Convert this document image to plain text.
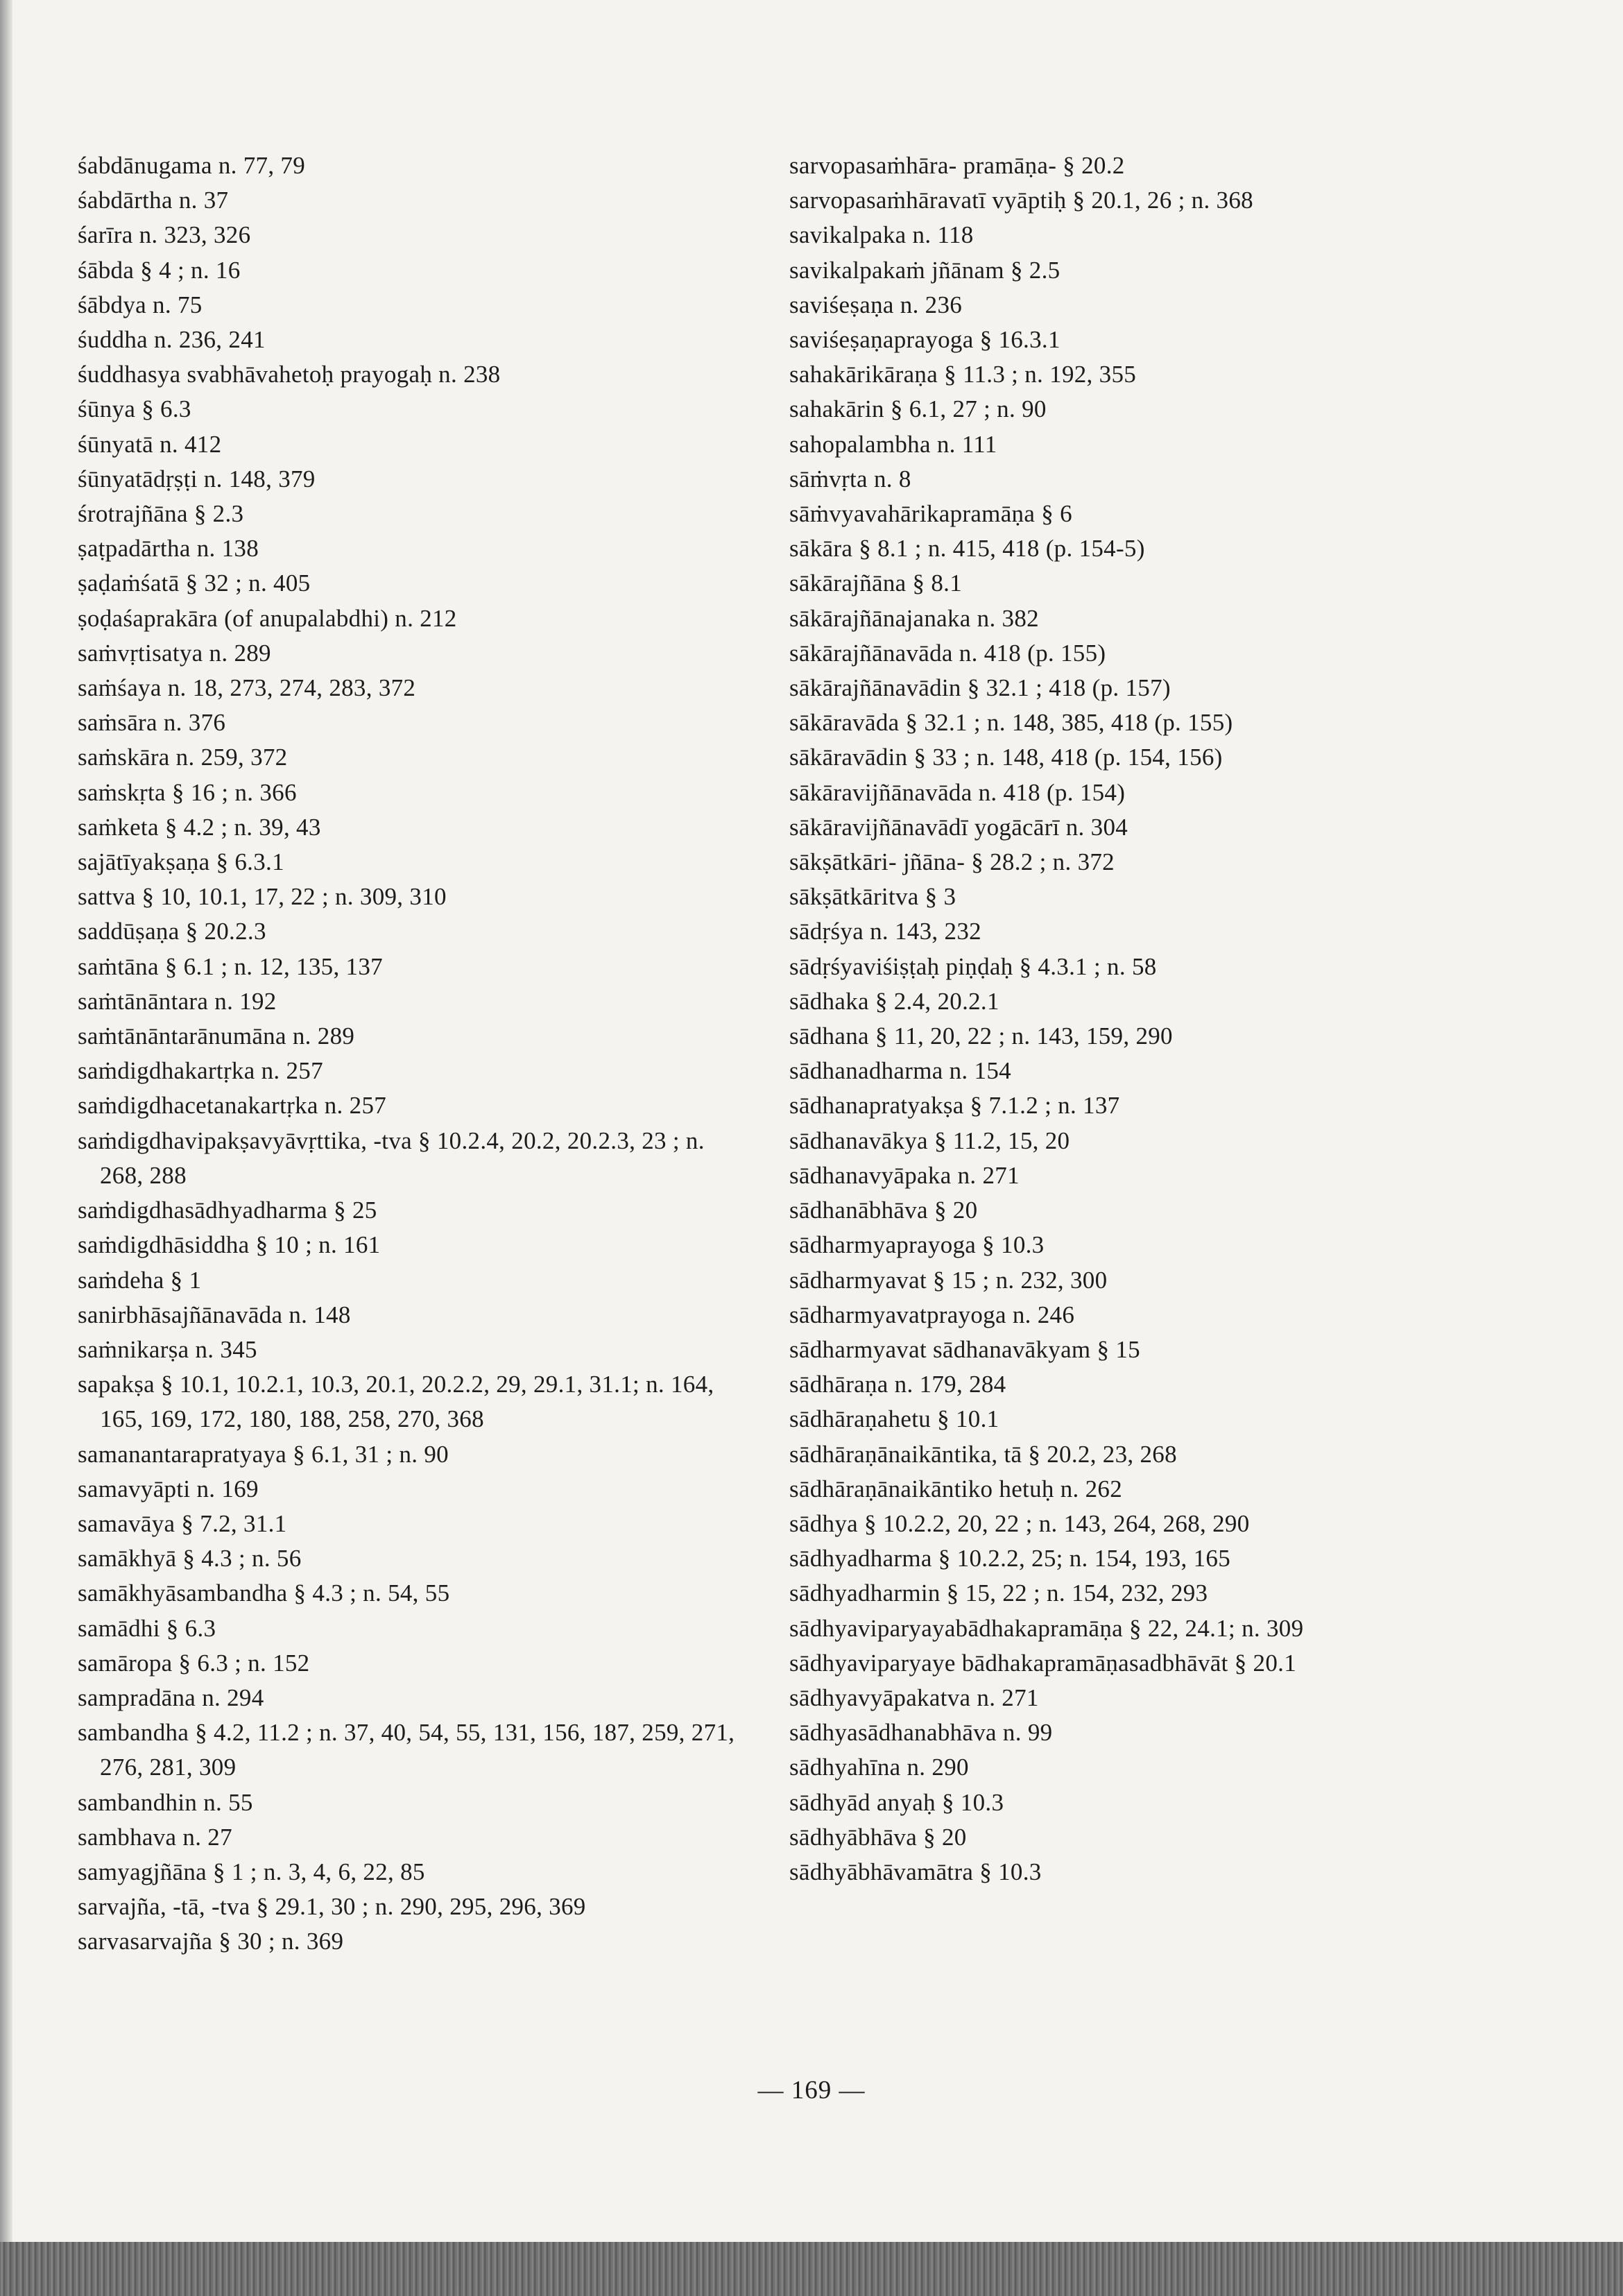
śabdānugama n. 77, 79
śabdārtha n. 37
śarīra n. 323, 326
śābda § 4 ; n. 16
śābdya n. 75
śuddha n. 236, 241
śuddhasya svabhāvahetoḥ prayogaḥ n. 238
śūnya § 6.3
śūnyatā n. 412
śūnyatādṛṣṭi n. 148, 379
śrotrajñāna § 2.3
ṣaṭpadārtha n. 138
ṣaḍaṁśatā § 32 ; n. 405
ṣoḍaśaprakāra (of anupalabdhi) n. 212
saṁvṛtisatya n. 289
saṁśaya n. 18, 273, 274, 283, 372
saṁsāra n. 376
saṁskāra n. 259, 372
saṁskṛta § 16 ; n. 366
saṁketa § 4.2 ; n. 39, 43
sajātīyakṣaṇa § 6.3.1
sattva § 10, 10.1, 17, 22 ; n. 309, 310
saddūṣaṇa § 20.2.3
saṁtāna § 6.1 ; n. 12, 135, 137
saṁtānāntara n. 192
saṁtānāntarānumāna n. 289
saṁdigdhakartṛka n. 257
saṁdigdhacetanakartṛka n. 257
saṁdigdhavipakṣavyāvṛttika, -tva § 10.2.4, 20.2, 20.2.3, 23 ; n. 268, 288
saṁdigdhasādhyadharma § 25
saṁdigdhāsiddha § 10 ; n. 161
saṁdeha § 1
sanirbhāsajñānavāda n. 148
saṁnikarṣa n. 345
sapakṣa § 10.1, 10.2.1, 10.3, 20.1, 20.2.2, 29, 29.1, 31.1; n. 164, 165, 169, 172, 180, 188, 258, 270, 368
samanantarapratyaya § 6.1, 31 ; n. 90
samavyāpti n. 169
samavāya § 7.2, 31.1
samākhyā § 4.3 ; n. 56
samākhyāsambandha § 4.3 ; n. 54, 55
samādhi § 6.3
samāropa § 6.3 ; n. 152
sampradāna n. 294
sambandha § 4.2, 11.2 ; n. 37, 40, 54, 55, 131, 156, 187, 259, 271, 276, 281, 309
sambandhin n. 55
sambhava n. 27
samyagjñāna § 1 ; n. 3, 4, 6, 22, 85
sarvajña, -tā, -tva § 29.1, 30 ; n. 290, 295, 296, 369
sarvasarvajña § 30 ; n. 369
sarvopasaṁhāra- pramāṇa- § 20.2
sarvopasaṁhāravatī vyāptiḥ § 20.1, 26 ; n. 368
savikalpaka n. 118
savikalpakaṁ jñānam § 2.5
saviśeṣaṇa n. 236
saviśeṣaṇaprayoga § 16.3.1
sahakārikāraṇa § 11.3 ; n. 192, 355
sahakārin § 6.1, 27 ; n. 90
sahopalambha n. 111
sāṁvṛta n. 8
sāṁvyavahārikapramāṇa § 6
sākāra § 8.1 ; n. 415, 418 (p. 154-5)
sākārajñāna § 8.1
sākārajñānajanaka n. 382
sākārajñānavāda n. 418 (p. 155)
sākārajñānavādin § 32.1 ; 418 (p. 157)
sākāravāda § 32.1 ; n. 148, 385, 418 (p. 155)
sākāravādin § 33 ; n. 148, 418 (p. 154, 156)
sākāravijñānavāda n. 418 (p. 154)
sākāravijñānavādī yogācārī n. 304
sākṣātkāri- jñāna- § 28.2 ; n. 372
sākṣātkāritva § 3
sādṛśya n. 143, 232
sādṛśyaviśiṣṭaḥ piṇḍaḥ § 4.3.1 ; n. 58
sādhaka § 2.4, 20.2.1
sādhana § 11, 20, 22 ; n. 143, 159, 290
sādhanadharma n. 154
sādhanapratyakṣa § 7.1.2 ; n. 137
sādhanavākya § 11.2, 15, 20
sādhanavyāpaka n. 271
sādhanābhāva § 20
sādharmyaprayoga § 10.3
sādharmyavat § 15 ; n. 232, 300
sādharmyavatprayoga n. 246
sādharmyavat sādhanavākyam § 15
sādhāraṇa n. 179, 284
sādhāraṇahetu § 10.1
sādhāraṇānaikāntika, tā § 20.2, 23, 268
sādhāraṇānaikāntiko hetuḥ n. 262
sādhya § 10.2.2, 20, 22 ; n. 143, 264, 268, 290
sādhyadharma § 10.2.2, 25; n. 154, 193, 165
sādhyadharmin § 15, 22 ; n. 154, 232, 293
sādhyaviparyayabādhakapramāṇa § 22, 24.1; n. 309
sādhyaviparyaye bādhakapramāṇasadbhāvāt § 20.1
sādhyavyāpakatva n. 271
sādhyasādhanabhāva n. 99
sādhyahīna n. 290
sādhyād anyaḥ § 10.3
sādhyābhāva § 20
sādhyābhāvamātra § 10.3
— 169 —
